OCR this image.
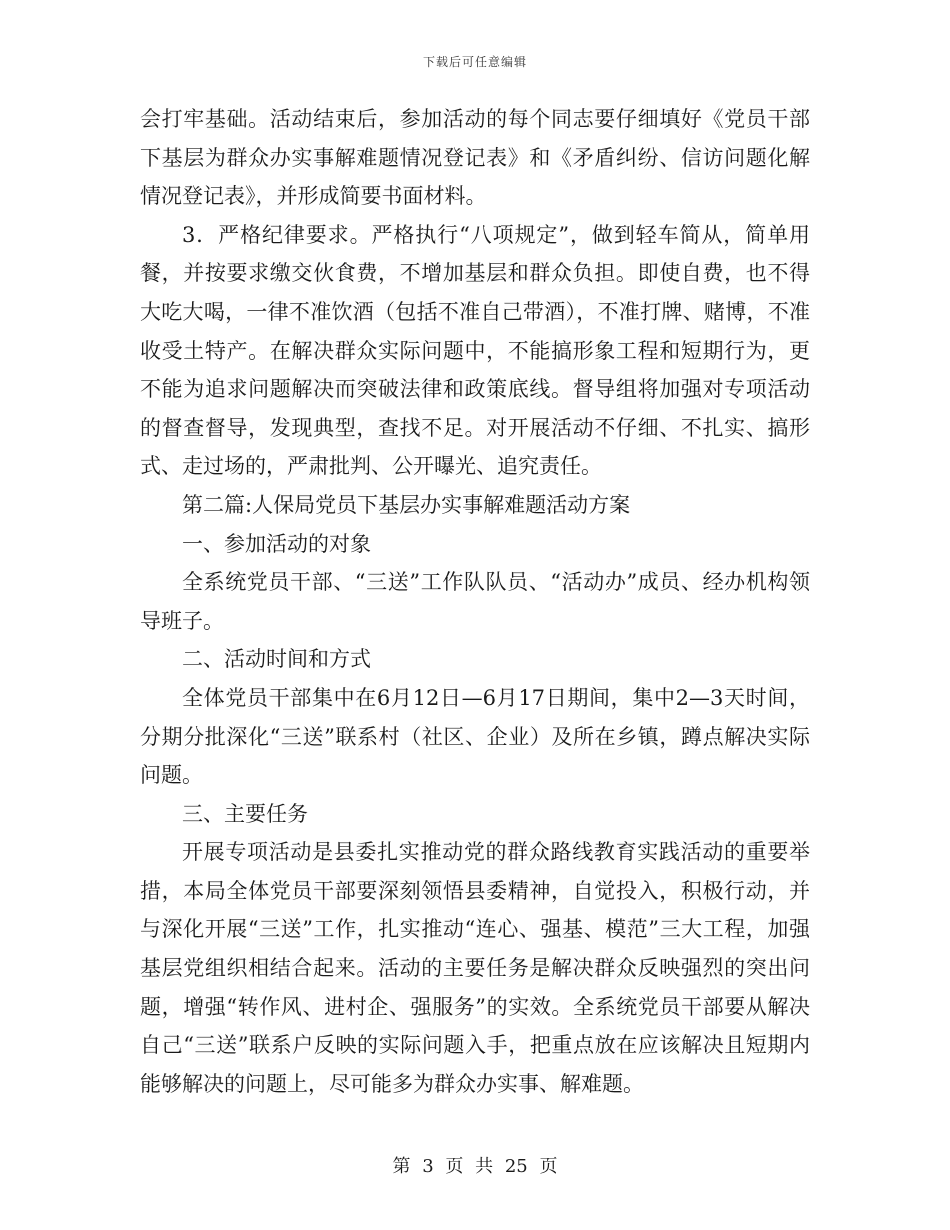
下载后可任意编辑

会打牢基础。活动结束后，参加活动的每个同志要仔细填好《党员干部下基层为群众办实事解难题情况登记表》和《矛盾纠纷、信访问题化解情况登记表》，并形成简要书面材料。

3．严格纪律要求。严格执行“八项规定”，做到轻车简从，简单用餐，并按要求缴交伙食费，不增加基层和群众负担。即使自费，也不得大吃大喝，一律不准饮酒（包括不准自己带酒），不准打牌、赌博，不准收受土特产。在解决群众实际问题中，不能搞形象工程和短期行为，更不能为追求问题解决而突破法律和政策底线。督导组将加强对专项活动的督查督导，发现典型，查找不足。对开展活动不仔细、不扎实、搞形式、走过场的，严肃批判、公开曝光、追究责任。

第二篇:人保局党员下基层办实事解难题活动方案

一、参加活动的对象

全系统党员干部、“三送”工作队队员、“活动办”成员、经办机构领导班子。

二、活动时间和方式

全体党员干部集中在6月12日—6月17日期间，集中2—3天时间，分期分批深化“三送”联系村（社区、企业）及所在乡镇，蹲点解决实际问题。

三、主要任务

开展专项活动是县委扎实推动党的群众路线教育实践活动的重要举措，本局全体党员干部要深刻领悟县委精神，自觉投入，积极行动，并与深化开展“三送”工作，扎实推动“连心、强基、模范”三大工程，加强基层党组织相结合起来。活动的主要任务是解决群众反映强烈的突出问题，增强“转作风、进村企、强服务”的实效。全系统党员干部要从解决自己“三送”联系户反映的实际问题入手，把重点放在应该解决且短期内能够解决的问题上，尽可能多为群众办实事、解难题。

第 3 页 共 25 页
